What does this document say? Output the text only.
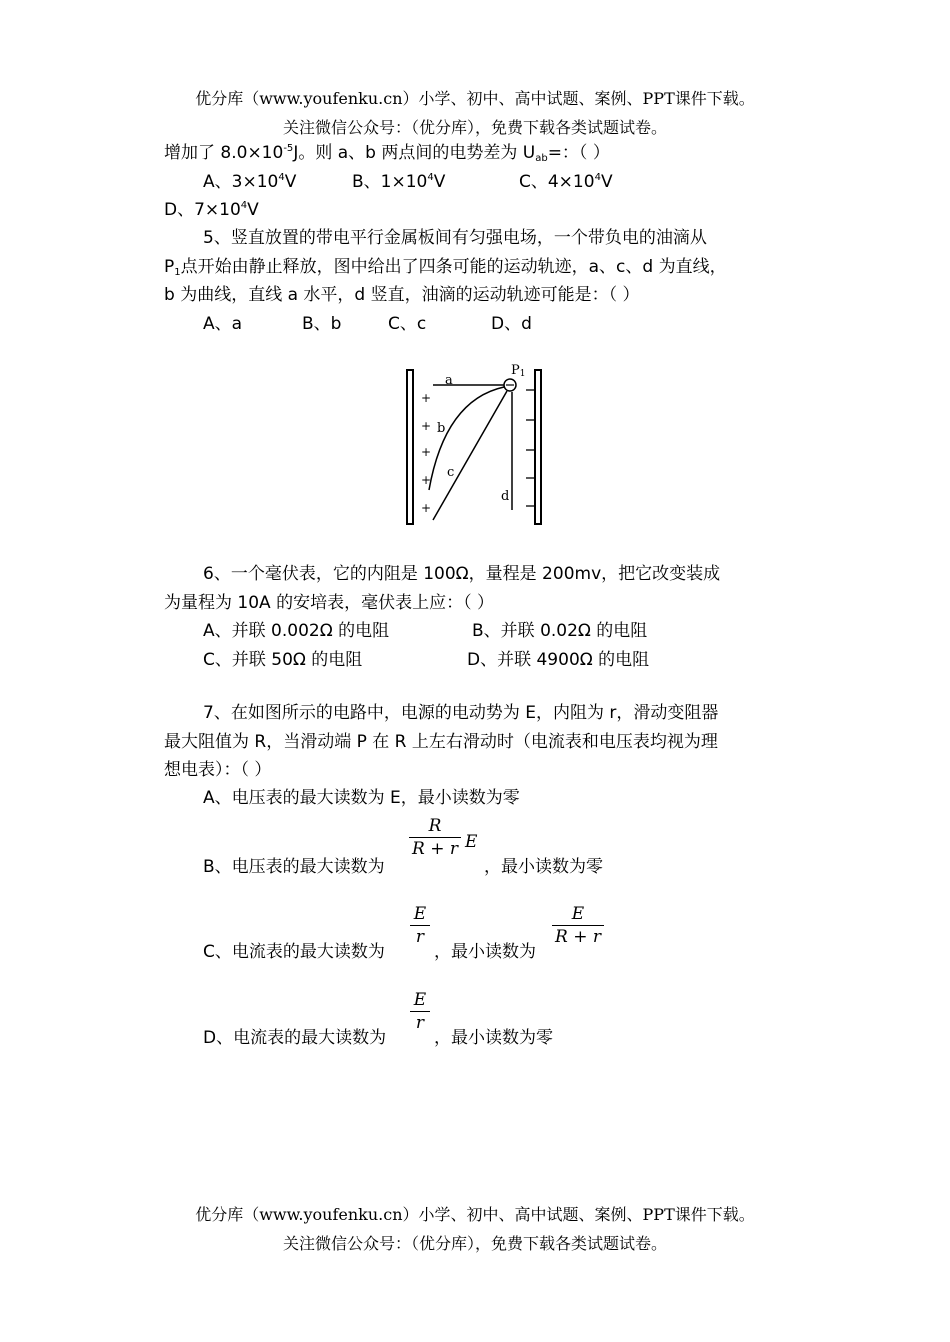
优分库（www.youfenku.cn）小学、初中、高中试题、案例、PPT课件下载。
关注微信公众号：（优分库），免费下载各类试题试卷。
增加了 $8.0\times 10^{-5}J$。则 a、b 两点间的电势差为 $U_{ab}=$：（ ）
A、$3\times 10^4V$	B、$1\times 10^4V$	C、$4\times 10^4V$
D、$7\times 10^4V$
5、竖直放置的带电平行金属板间有匀强电场，一个带负电的油滴从
$P_1$点开始由静止释放，图中给出了四条可能的运动轨迹，a、c、d 为直线，
b 为曲线，直线 a 水平，d 竖直，油滴的运动轨迹可能是：（ ）
A、a	B、b	C、c	D、d
+
+
+
+
+
P1
a
b
c
d
6、一个毫伏表，它的内阻是 100Ω，量程是 200mv，把它改变装成
为量程为 10A 的安培表，毫伏表上应：（ ）
A、并联 0.002Ω 的电阻	B、并联 0.02Ω 的电阻
C、并联 50Ω 的电阻	D、并联 4900Ω 的电阻
7、在如图所示的电路中，电源的电动势为 E，内阻为 r，滑动变阻器
最大阻值为 R，当滑动端 P 在 R 上左右滑动时（电流表和电压表均视为理
想电表）：（ ）
A、电压表的最大读数为 E，最小读数为零
B、电压表的最大读数为
R
R + r E
，最小读数为零
C、电流表的最大读数为
E
r
，最小读数为
E
R + r
D、电流表的最大读数为
E
r
，最小读数为零
优分库（www.youfenku.cn）小学、初中、高中试题、案例、PPT课件下载。
关注微信公众号：（优分库），免费下载各类试题试卷。
